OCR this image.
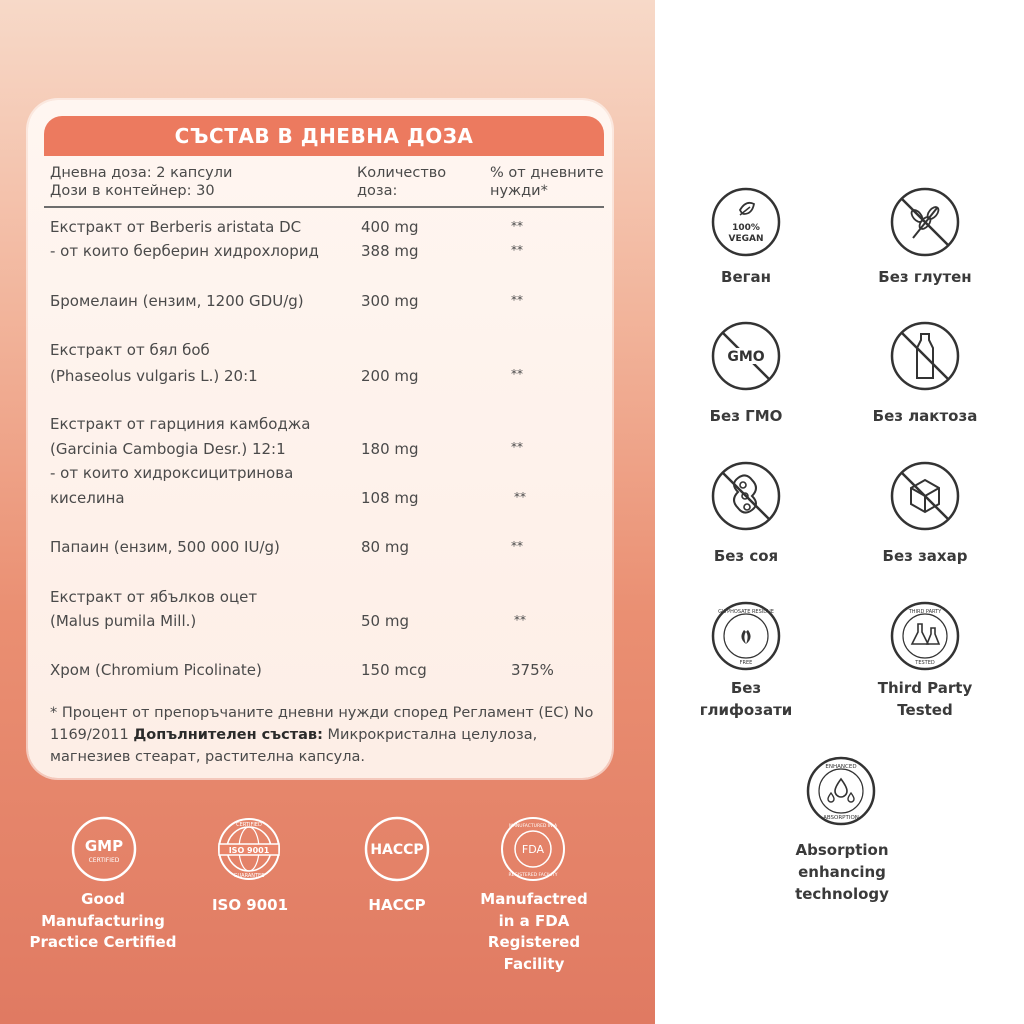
СЪСТАВ В ДНЕВНА ДОЗА
Дневна доза: 2 капсули
Дози в контейнер: 30
Количество
доза:
% от дневните
нужди*
Екстракт от Berberis aristata DC	400 mg	**
- от които берберин хидрохлорид	388 mg	**
Бромелаин (ензим, 1200 GDU/g)	300 mg	**
Екстракт от бял боб
(Phaseolus vulgaris L.) 20:1	200 mg	**
Екстракт от гарциния камбоджа
(Garcinia Cambogia Desr.) 12:1	180 mg	**
- от които хидроксицитринова
киселина	108 mg	**
Папаин (ензим, 500 000 IU/g)	80 mg	**
Екстракт от ябълков оцет
(Malus pumila Mill.)	50 mg	**
Хром (Chromium Picolinate)	150 mcg	375%
* Процент от препоръчаните дневни нужди според Регламент (ЕС) No 1169/2011 Допълнителен състав: Микрокристална целулоза, магнезиев стеарат, растителна капсула.
GMP
CERTIFIED
Good Manufacturing Practice Certified
ISO 9001
CERTIFIED
GUARANTEE
ISO 9001
HACCP
HACCP
FDA
MANUFACTURED IN A
REGISTERED FACILITY
Manufactred in a FDA Registered Facility
100%
VEGAN
Веган	Без глутен
GMO
Без ГМО	Без лактоза
Без соя	Без захар
GLYPHOSATE RESIDUE
FREE
Без
глифозати
THIRD PARTY
TESTED
Third Party
Tested
ENHANCED
ABSORPTION
Absorption
enhancing
technology
